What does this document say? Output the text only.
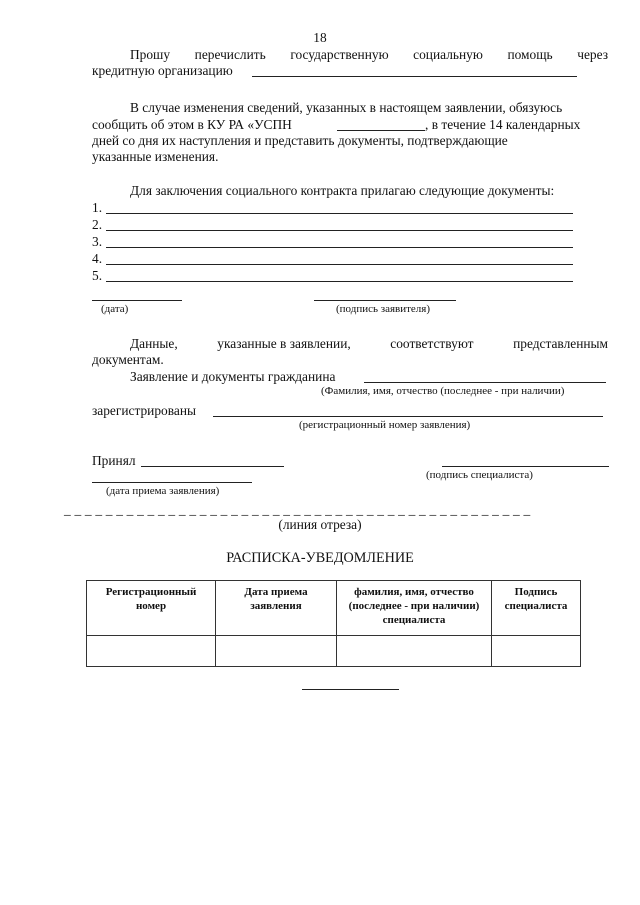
18
Прошу перечислить государственную социальную помощь через
кредитную организацию
В случае изменения сведений, указанных в настоящем заявлении, обязуюсь
сообщить об этом в КУ РА «УСПН	, в течение 14 календарных
дней со дня их наступления и представить документы, подтверждающие
указанные изменения.
Для заключения социального контракта прилагаю следующие документы:
1.
2.
3.
4.
5.
(дата)	(подпись заявителя)
Данные,	указанные в заявлении,	соответствуют	представленным
документам.
Заявление и документы гражданина
(Фамилия, имя, отчество (последнее - при наличии)
зарегистрированы
(регистрационный номер заявления)
Принял
(подпись специалиста)
(дата приема заявления)
_ _ _ _ _ _ _ _ _ _ _ _ _ _ _ _ _ _ _ _ _ _ _ _ _ _ _ _ _ _ _ _ _ _ _ _ _ _ _ _ _ _ _ _ _
(линия отреза)
РАСПИСКА-УВЕДОМЛЕНИЕ
Регистрационный номер	Дата приема заявления	фамилия, имя, отчество (последнее - при наличии) специалиста	Подпись специалиста
